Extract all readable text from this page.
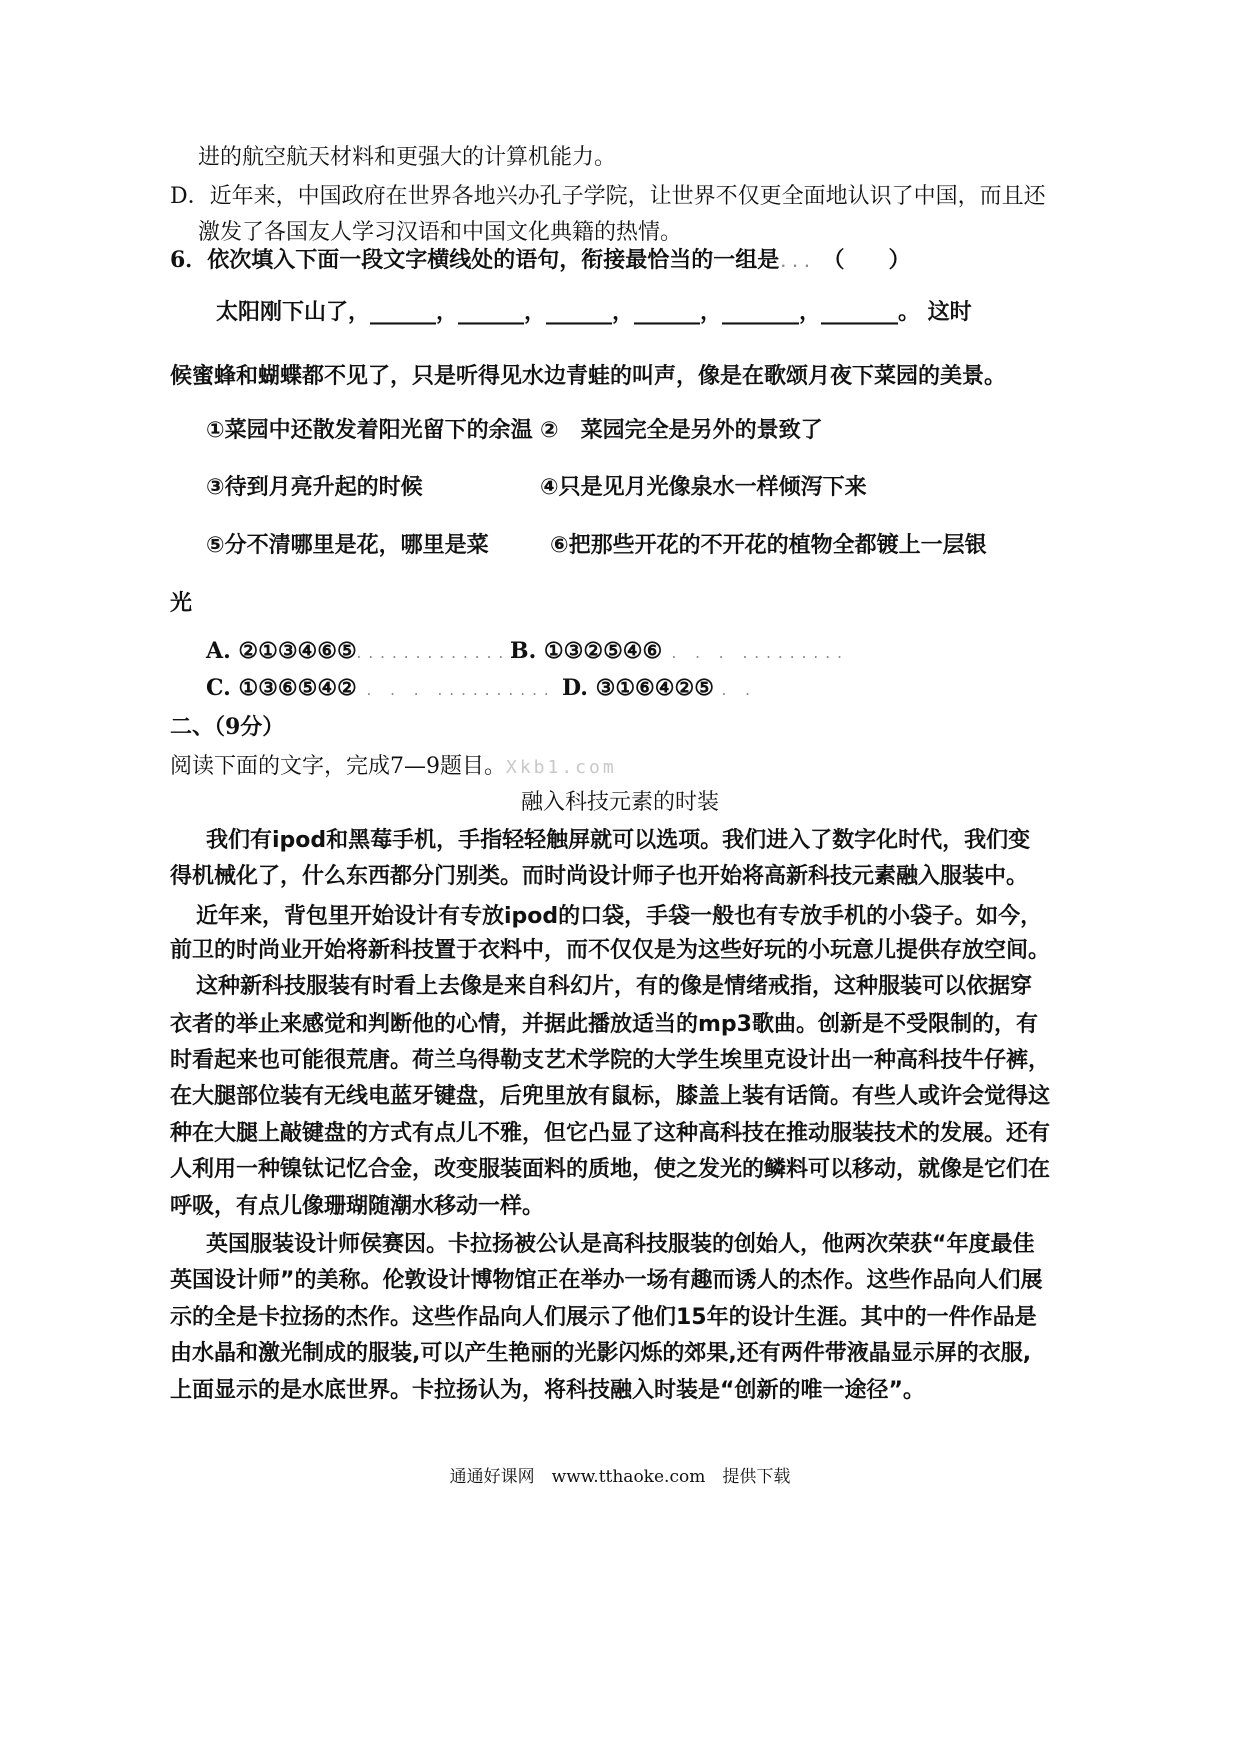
进的航空航天材料和更强大的计算机能力。
D．近年来，中国政府在世界各地兴办孔子学院，让世界不仅更全面地认识了中国，而且还
激发了各国友人学习汉语和中国文化典籍的热情。
6．依次填入下面一段文字横线处的语句，衔接最恰当的一组是... （　　）
太阳刚下山了，______，______，______，______，_______，_______。 这时
候蜜蜂和蝴蝶都不见了，只是听得见水边青蛙的叫声，像是在歌颂月夜下菜园的美景。
①菜园中还散发着阳光留下的余温 ②　菜园完全是另外的景致了
③待到月亮升起的时候	④只是见月光像泉水一样倾泻下来
⑤分不清哪里是花，哪里是菜	⑥把那些开花的不开花的植物全都镀上一层银
光
A. ②①③④⑥⑤
..............
B. ①③②⑤④⑥ . . . .........
C. ①③⑥⑤④② . . . .......... D. ③①⑥④②⑤ . .
二、（9分）
阅读下面的文字，完成7—9题目。Xkb1.com
融入科技元素的时装
我们有ipod和黑莓手机，手指轻轻触屏就可以选项。我们进入了数字化时代，我们变
得机械化了，什么东西都分门别类。而时尚设计师子也开始将高新科技元素融入服装中。
近年来，背包里开始设计有专放ipod的口袋，手袋一般也有专放手机的小袋子。如今，
前卫的时尚业开始将新科技置于衣料中，而不仅仅是为这些好玩的小玩意儿提供存放空间。
这种新科技服装有时看上去像是来自科幻片，有的像是情绪戒指，这种服装可以依据穿
衣者的举止来感觉和判断他的心情，并据此播放适当的mp3歌曲。创新是不受限制的，有
时看起来也可能很荒唐。荷兰乌得勒支艺术学院的大学生埃里克设计出一种高科技牛仔裤，
在大腿部位装有无线电蓝牙键盘，后兜里放有鼠标，膝盖上装有话筒。有些人或许会觉得这
种在大腿上敲键盘的方式有点儿不雅，但它凸显了这种高科技在推动服装技术的发展。还有
人利用一种镍钛记忆合金，改变服装面料的质地，使之发光的鳞料可以移动，就像是它们在
呼吸，有点儿像珊瑚随潮水移动一样。
英国服装设计师侯赛因。卡拉扬被公认是高科技服装的创始人，他两次荣获“年度最佳
英国设计师”的美称。伦敦设计博物馆正在举办一场有趣而诱人的杰作。这些作品向人们展
示的全是卡拉扬的杰作。这些作品向人们展示了他们15年的设计生涯。其中的一件作品是
由水晶和激光制成的服装,可以产生艳丽的光影闪烁的郊果,还有两件带液晶显示屏的衣服,
上面显示的是水底世界。卡拉扬认为，将科技融入时装是“创新的唯一途径”。
通通好课网　www.tthaoke.com　提供下载
